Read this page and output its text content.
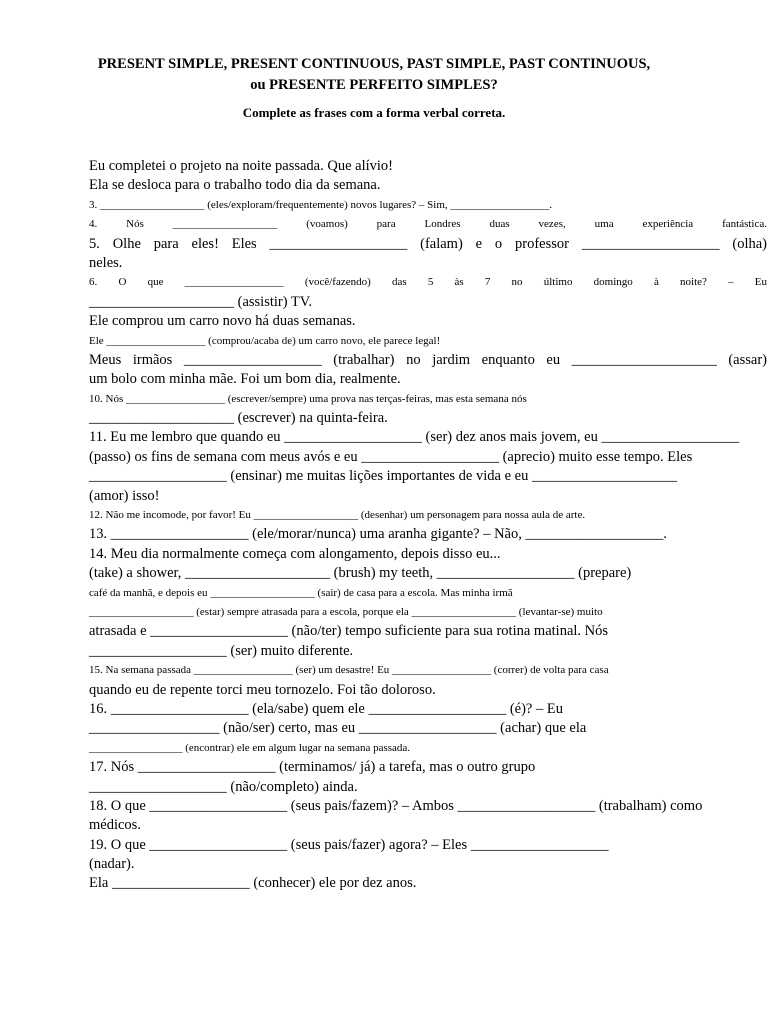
PRESENT SIMPLE, PRESENT CONTINUOUS, PAST SIMPLE, PAST CONTINUOUS,
ou PRESENTE PERFEITO SIMPLES?
Complete as frases com a forma verbal correta.
Eu completei o projeto na noite passada. Que alívio!
Ela se desloca para o trabalho todo dia da semana.
3. ___________________ (eles/exploram/frequentemente) novos lugares? – Sim, __________________.
4. Nós ___________________ (voamos) para Londres duas vezes, uma experiência fantástica.
5. Olhe para eles! Eles ___________________ (falam) e o professor ___________________ (olha)
neles.
6. O que __________________ (você/fazendo) das 5 às 7 no último domingo à noite? – Eu
____________________ (assistir) TV.
Ele comprou um carro novo há duas semanas.
Ele __________________ (comprou/acaba de) um carro novo, ele parece legal!
Meus irmãos ___________________ (trabalhar) no jardim enquanto eu ____________________ (assar)
um bolo com minha mãe. Foi um bom dia, realmente.
10. Nós __________________ (escrever/sempre) uma prova nas terças-feiras, mas esta semana nós
____________________ (escrever) na quinta-feira.
11. Eu me lembro que quando eu ___________________ (ser) dez anos mais jovem, eu ___________________
(passo) os fins de semana com meus avós e eu ___________________ (aprecio) muito esse tempo. Eles
___________________ (ensinar) me muitas lições importantes de vida e eu ____________________
(amor) isso!
12. Não me incomode, por favor! Eu ___________________ (desenhar) um personagem para nossa aula de arte.
13. ___________________ (ele/morar/nunca) uma aranha gigante? – Não, ___________________.
14. Meu dia normalmente começa com alongamento, depois disso eu...
(take) a shower, ____________________ (brush) my teeth, ___________________ (prepare)
café da manhã, e depois eu ___________________ (sair) de casa para a escola. Mas minha irmã
___________________ (estar) sempre atrasada para a escola, porque ela ___________________ (levantar-se) muito
atrasada e ___________________ (não/ter) tempo suficiente para sua rotina matinal. Nós
___________________ (ser) muito diferente.
15. Na semana passada __________________ (ser) um desastre! Eu __________________ (correr) de volta para casa
quando eu de repente torci meu tornozelo. Foi tão doloroso.
16. ___________________ (ela/sabe) quem ele ___________________ (é)? – Eu
__________________ (não/ser) certo, mas eu ___________________ (achar) que ela
_________________ (encontrar) ele em algum lugar na semana passada.
17. Nós ___________________ (terminamos/ já) a tarefa, mas o outro grupo
___________________ (não/completo) ainda.
18. O que ___________________ (seus pais/fazem)? – Ambos ___________________ (trabalham) como
médicos.
19. O que ___________________ (seus pais/fazer) agora? – Eles ___________________
(nadar).
Ela ___________________ (conhecer) ele por dez anos.
